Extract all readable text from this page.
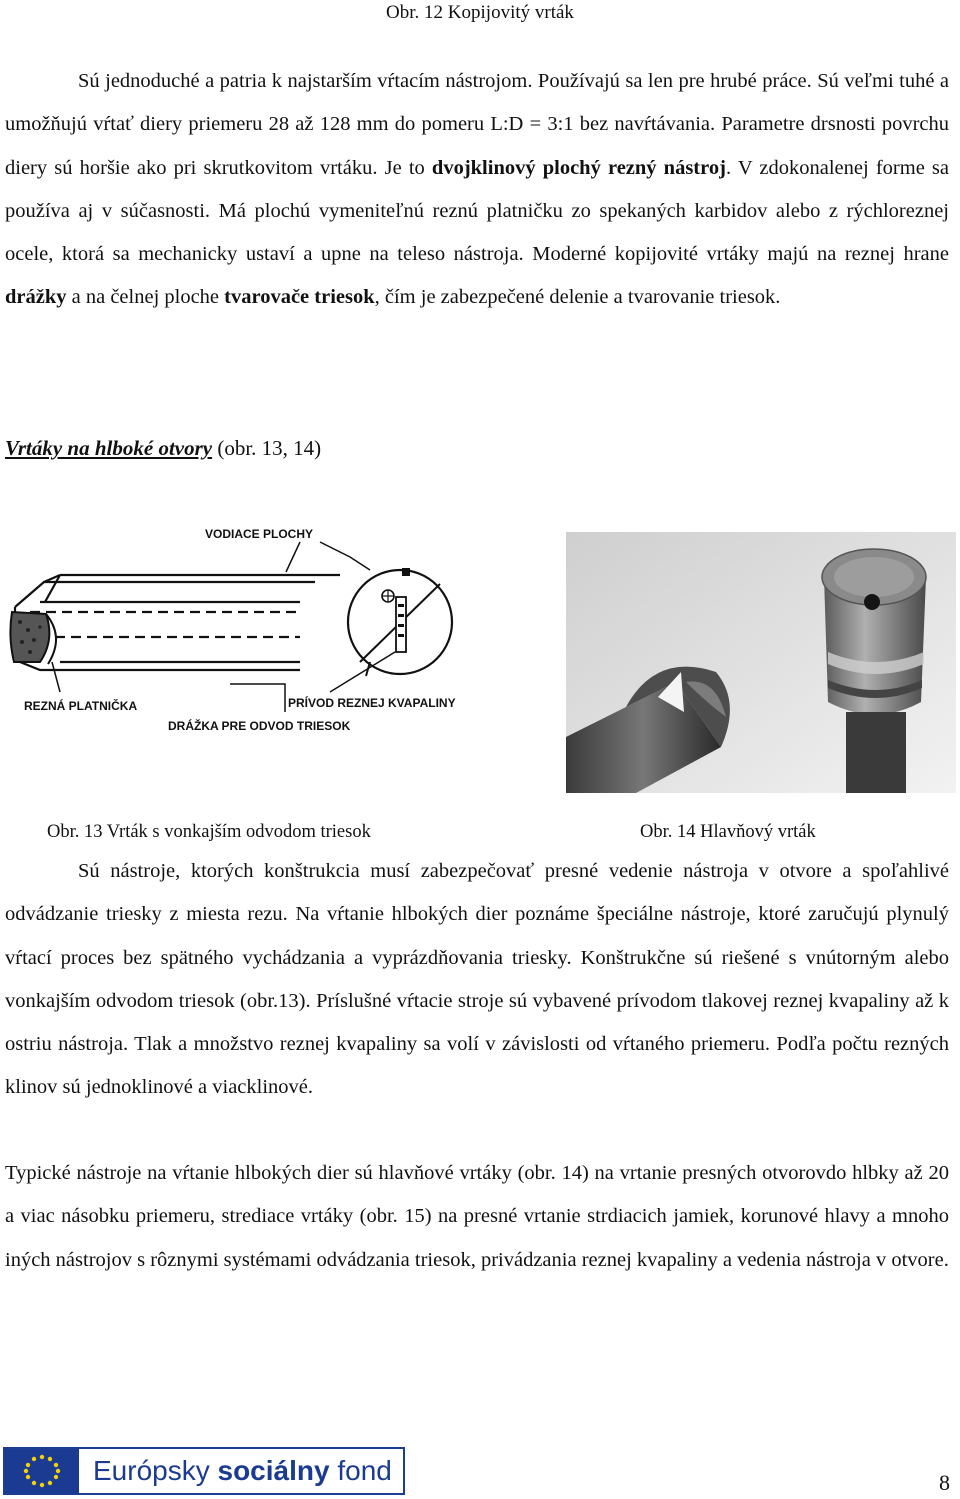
Obr. 12 Kopijovitý vrták

Sú jednoduché a patria k najstarším vŕtacím nástrojom. Používajú sa len pre hrubé práce. Sú veľmi tuhé a umožňujú vŕtať diery priemeru 28 až 128 mm do pomeru L:D = 3:1 bez navŕtávania. Parametre drsnosti povrchu diery sú horšie ako pri skrutkovitom vrtáku. Je to dvojklinový plochý rezný nástroj. V zdokonalenej forme sa používa aj v súčasnosti. Má plochú vymeniteľnú reznú platničku zo spekaných karbidov alebo z rýchloreznej ocele, ktorá sa mechanicky ustaví a upne na teleso nástroja. Moderné kopijovité vrtáky majú na reznej hrane drážky a na čelnej ploche tvarovače triesok, čím je zabezpečené delenie a tvarovanie triesok.

Vrtáky na hlboké otvory (obr. 13, 14)
VODIACE PLOCHY
REZNÁ PLATNIČKA	PRÍVOD REZNEJ KVAPALINY
DRÁŽKA PRE ODVOD TRIESOK
Obr. 13 Vrták s vonkajším odvodom triesok	Obr. 14 Hlavňový vrták

Sú nástroje, ktorých konštrukcia musí zabezpečovať presné vedenie nástroja v otvore a spoľahlivé odvádzanie triesky z miesta rezu. Na vŕtanie hlbokých dier poznáme špeciálne nástroje, ktoré zaručujú plynulý vŕtací proces bez spätného vychádzania a vyprázdňovania triesky. Konštrukčne sú riešené s vnútorným alebo vonkajším odvodom triesok (obr.13). Príslušné vŕtacie stroje sú vybavené prívodom tlakovej reznej kvapaliny až k ostriu nástroja. Tlak a množstvo reznej kvapaliny sa volí v závislosti od vŕtaného priemeru. Podľa počtu rezných klinov sú jednoklinové a viacklinové.

Typické nástroje na vŕtanie hlbokých dier sú hlavňové vrtáky (obr. 14) na vrtanie presných otvorovdo hlbky až 20 a viac násobku priemeru, strediace vrtáky (obr. 15) na presné vrtanie strdiacich jamiek, korunové hlavy a mnoho iných nástrojov s rôznymi systémami odvádzania triesok, privádzania reznej kvapaliny a vedenia nástroja v otvore.

Európsky sociálny fond	8
